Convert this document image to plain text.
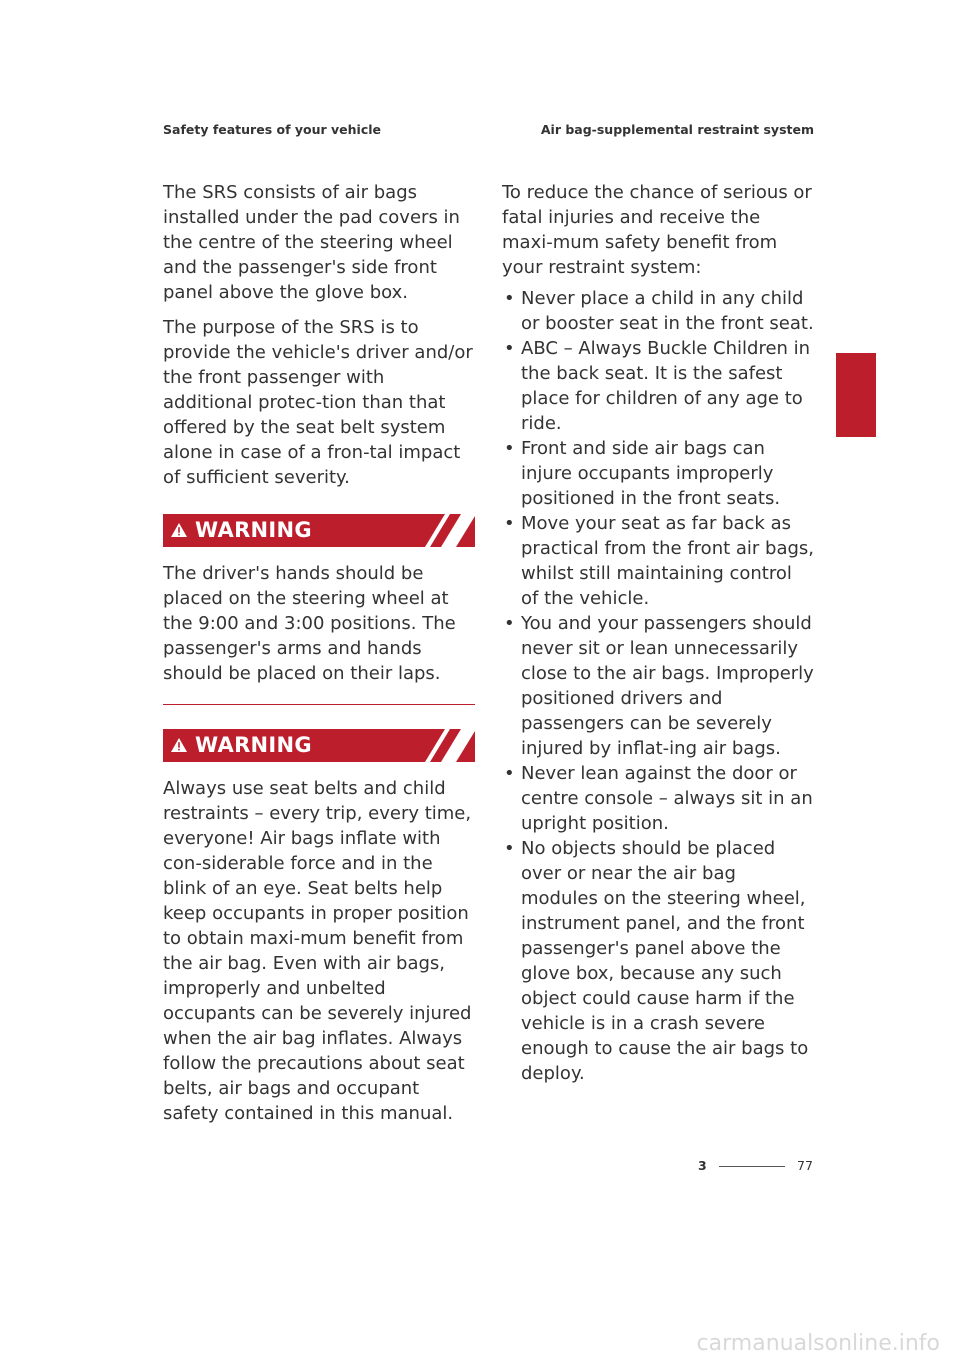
Safety features of your vehicle	Air bag-supplemental restraint system

The SRS consists of air bags installed under the pad covers in the centre of the steering wheel and the passenger's side front panel above the glove box.

The purpose of the SRS is to provide the vehicle's driver and/or the front passenger with additional protec-tion than that offered by the seat belt system alone in case of a fron-tal impact of sufficient severity.

WARNING

The driver's hands should be placed on the steering wheel at the 9:00 and 3:00 positions. The passenger's arms and hands should be placed on their laps.

WARNING

Always use seat belts and child restraints – every trip, every time, everyone! Air bags inflate with con-siderable force and in the blink of an eye. Seat belts help keep occupants in proper position to obtain maxi-mum benefit from the air bag. Even with air bags, improperly and unbelted occupants can be severely injured when the air bag inflates. Always follow the precautions about seat belts, air bags and occupant safety contained in this manual.

To reduce the chance of serious or fatal injuries and receive the maxi-mum safety benefit from your restraint system:

• Never place a child in any child or booster seat in the front seat.
• ABC – Always Buckle Children in the back seat. It is the safest place for children of any age to ride.
• Front and side air bags can injure occupants improperly positioned in the front seats.
• Move your seat as far back as practical from the front air bags, whilst still maintaining control of the vehicle.
• You and your passengers should never sit or lean unnecessarily close to the air bags. Improperly positioned drivers and passengers can be severely injured by inflat-ing air bags.
• Never lean against the door or centre console – always sit in an upright position.
• No objects should be placed over or near the air bag modules on the steering wheel, instrument panel, and the front passenger's panel above the glove box, because any such object could cause harm if the vehicle is in a crash severe enough to cause the air bags to deploy.
3
3	77
carmanualsonline.info
